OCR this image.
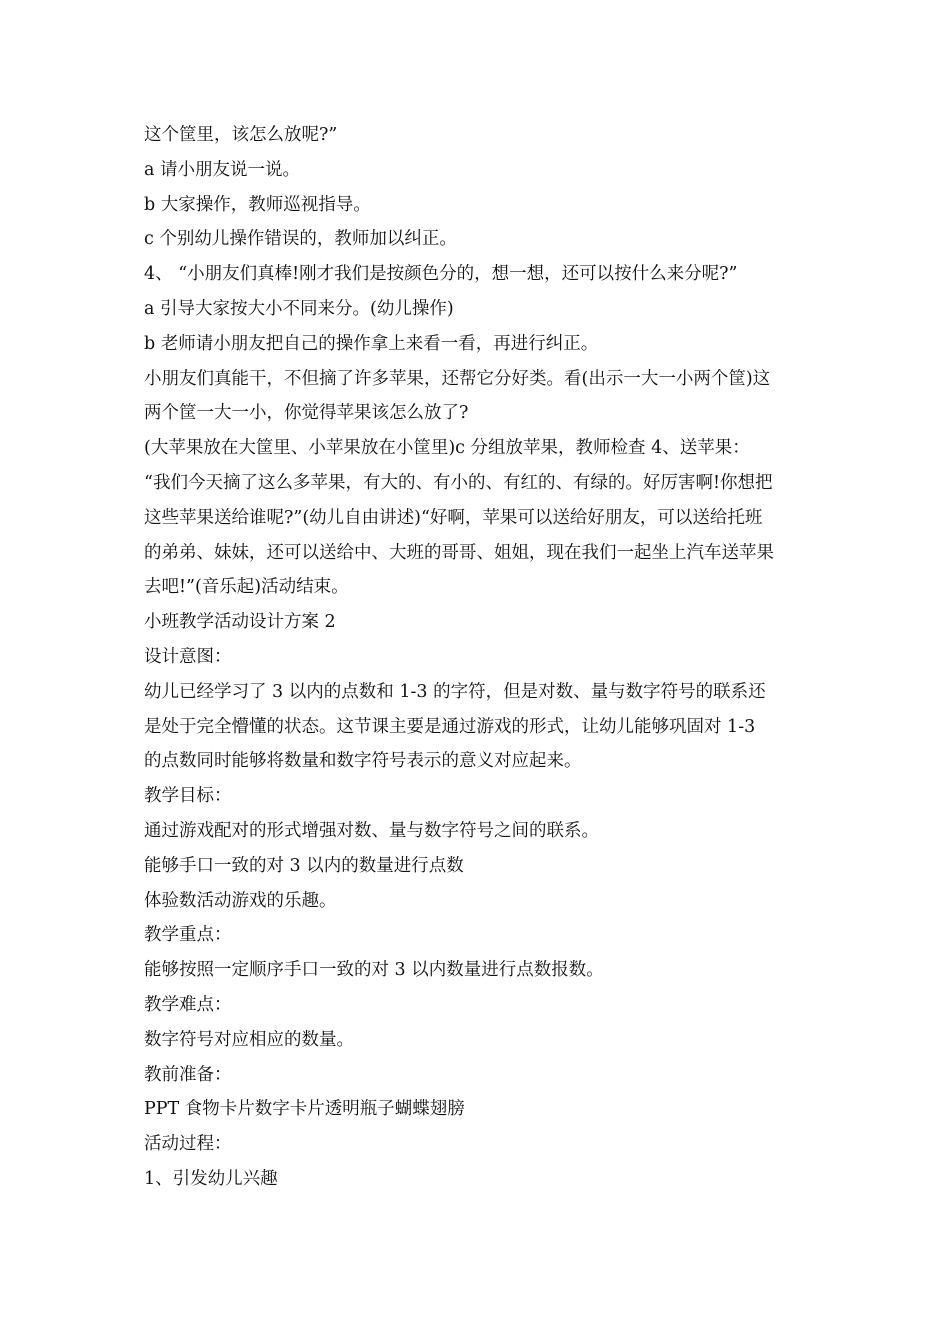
这个筐里，该怎么放呢?”
a 请小朋友说一说。
b 大家操作，教师巡视指导。
c 个别幼儿操作错误的，教师加以纠正。
4、 “小朋友们真棒!刚才我们是按颜色分的，想一想，还可以按什么来分呢?”
a 引导大家按大小不同来分。(幼儿操作)
b 老师请小朋友把自己的操作拿上来看一看，再进行纠正。
小朋友们真能干，不但摘了许多苹果，还帮它分好类。看(出示一大一小两个筐)这
两个筐一大一小，你觉得苹果该怎么放了?
(大苹果放在大筐里、小苹果放在小筐里)c 分组放苹果，教师检查 4、送苹果：
“我们今天摘了这么多苹果，有大的、有小的、有红的、有绿的。好厉害啊!你想把
这些苹果送给谁呢?”(幼儿自由讲述)“好啊，苹果可以送给好朋友，可以送给托班
的弟弟、妹妹，还可以送给中、大班的哥哥、姐姐，现在我们一起坐上汽车送苹果
去吧!”(音乐起)活动结束。
小班教学活动设计方案 2
设计意图：
幼儿已经学习了 3 以内的点数和 1-3 的字符，但是对数、量与数字符号的联系还
是处于完全懵懂的状态。这节课主要是通过游戏的形式，让幼儿能够巩固对 1-3
的点数同时能够将数量和数字符号表示的意义对应起来。
教学目标：
通过游戏配对的形式增强对数、量与数字符号之间的联系。
能够手口一致的对 3 以内的数量进行点数
体验数活动游戏的乐趣。
教学重点：
能够按照一定顺序手口一致的对 3 以内数量进行点数报数。
教学难点：
数字符号对应相应的数量。
教前准备：
PPT 食物卡片数字卡片透明瓶子蝴蝶翅膀
活动过程：
1、引发幼儿兴趣
